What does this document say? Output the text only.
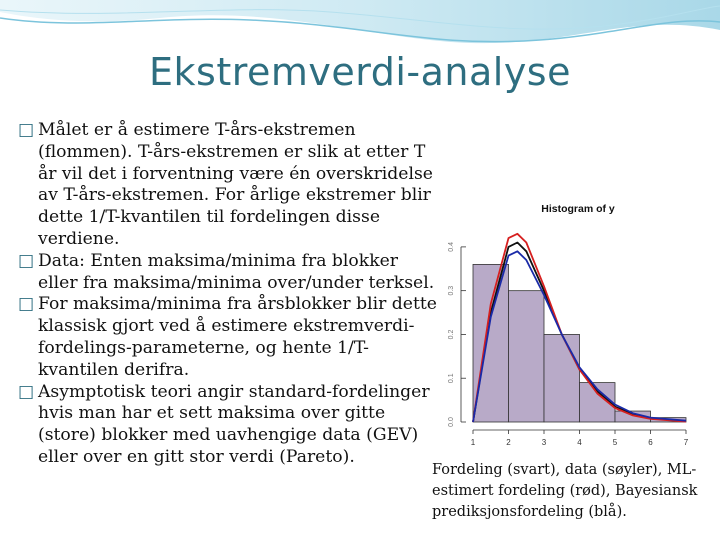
Ekstremverdi-analyse

□ Målet er å estimere T-års-ekstremen (flommen). T-års-ekstremen er slik at etter T år vil det i forventning være én overskridelse av T-års-ekstremen. For årlige ekstremer blir dette 1/T-kvantilen til fordelingen disse verdiene.

□ Data: Enten maksima/minima fra blokker eller fra maksima/minima over/under terksel.

□ For maksima/minima fra årsblokker blir dette klassisk gjort ved å estimere ekstremverdi-fordelings-parameterne, og hente 1/T-kvantilen derifra.

□ Asymptotisk teori angir standard-fordelinger hvis man har et sett maksima over gitte (store) blokker med uavhengige data (GEV) eller over en gitt stor verdi (Pareto).

Histogram of y
1	2	3	4	5	6	7
0.0
0.1
0.2
0.3
0.4
Fordeling (svart), data (søyler), ML-estimert fordeling (rød), Bayesiansk prediksjonsfordeling (blå).
